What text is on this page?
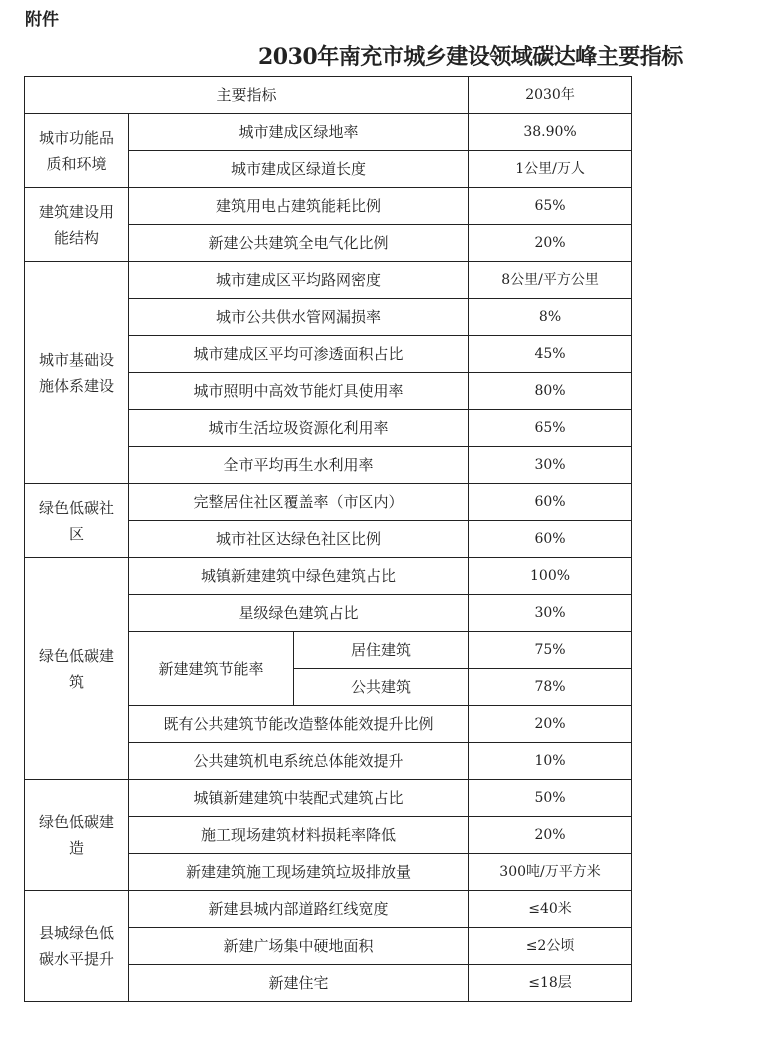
附件
2030年南充市城乡建设领域碳达峰主要指标
主要指标			2030年
城市功能品质和环境	城市建成区绿地率		38.90%
	城市建成区绿道长度		1公里/万人
建筑建设用能结构	建筑用电占建筑能耗比例		65%
	新建公共建筑全电气化比例		20%
城市基础设施体系建设	城市建成区平均路网密度		8公里/平方公里
	城市公共供水管网漏损率		8%
	城市建成区平均可渗透面积占比		45%
	城市照明中高效节能灯具使用率		80%
	城市生活垃圾资源化利用率		65%
	全市平均再生水利用率		30%
绿色低碳社区	完整居住社区覆盖率（市区内）		60%
	城市社区达绿色社区比例		60%
绿色低碳建筑	城镇新建建筑中绿色建筑占比		100%
	星级绿色建筑占比		30%
	新建建筑节能率	居住建筑	75%
		公共建筑	78%
	既有公共建筑节能改造整体能效提升比例		20%
	公共建筑机电系统总体能效提升		10%
绿色低碳建造	城镇新建建筑中装配式建筑占比		50%
	施工现场建筑材料损耗率降低		20%
	新建建筑施工现场建筑垃圾排放量		300吨/万平方米
县城绿色低碳水平提升	新建县城内部道路红线宽度		≤40米
	新建广场集中硬地面积		≤2公顷
	新建住宅		≤18层
